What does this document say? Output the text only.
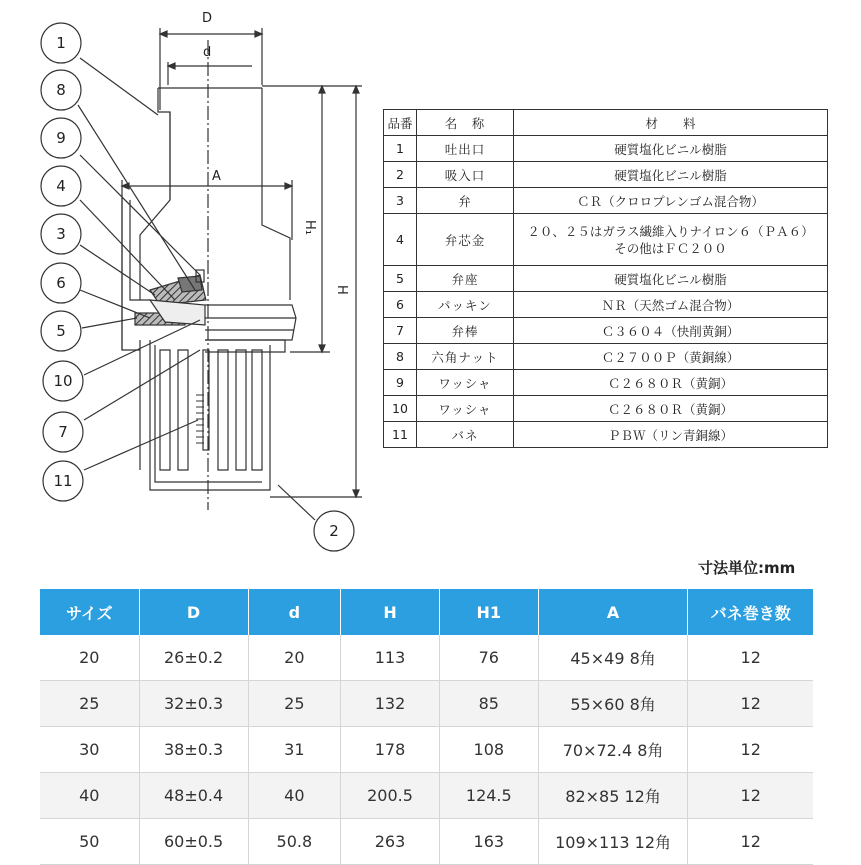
D
d
A
H₁
H
1
8
9
4
3
6
5
10
7
11
2
品番	名　称	材　　料
1	吐出口	硬質塩化ビニル樹脂
2	吸入口	硬質塩化ビニル樹脂
3	弁	ＣＲ（クロロプレンゴム混合物）
4	弁芯金	２０、２５はガラス繊維入りナイロン６（ＰＡ６）
その他はＦＣ２００

5	弁座	硬質塩化ビニル樹脂
6	パッキン	ＮＲ（天然ゴム混合物）
7	弁棒	Ｃ３６０４（快削黄銅）
8	六角ナット	Ｃ２７００Ｐ（黄銅線）
9	ワッシャ	Ｃ２６８０Ｒ（黄銅）
10	ワッシャ	Ｃ２６８０Ｒ（黄銅）
11	バネ	ＰＢＷ（リン青銅線）
寸法単位:mm
サイズ	D	d	H	H1	A	バネ巻き数
20	26±0.2	20	113	76	45×49 8角	12
25	32±0.3	25	132	85	55×60 8角	12
30	38±0.3	31	178	108	70×72.4 8角	12
40	48±0.4	40	200.5	124.5	82×85 12角	12
50	60±0.5	50.8	263	163	109×113 12角	12
